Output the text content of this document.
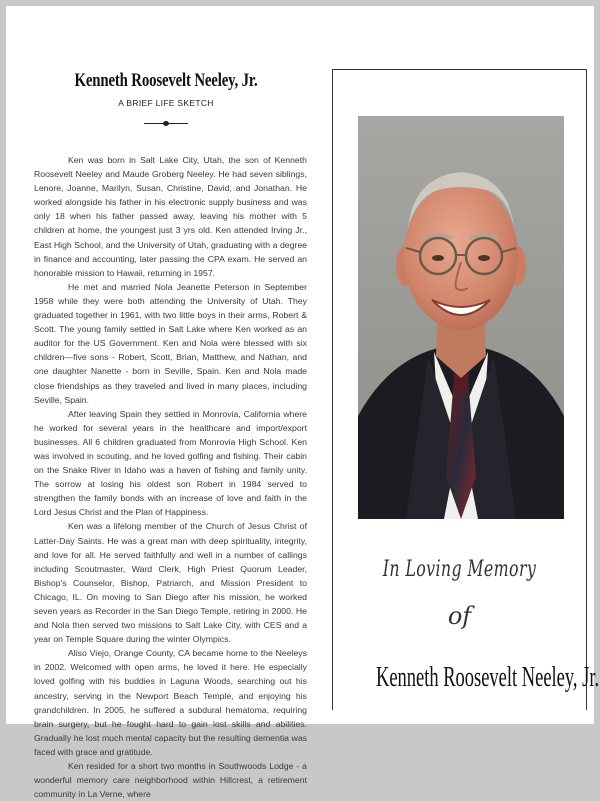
Kenneth Roosevelt Neeley, Jr.
A BRIEF LIFE SKETCH

Ken was born in Salt Lake City, Utah, the son of Kenneth Roosevelt Neeley and Maude Groberg Neeley. He had seven siblings, Lenore, Joanne, Marilyn, Susan, Christine, David, and Jonathan. He worked alongside his father in his electronic supply business and was only 18 when his father passed away, leaving his mother with 5 children at home, the youngest just 3 yrs old. Ken attended Irving Jr., East High School, and the University of Utah, graduating with a degree in finance and accounting, later passing the CPA exam. He served an honorable mission to Hawaii, returning in 1957.

He met and married Nola Jeanette Peterson in September 1958 while they were both attending the University of Utah. They graduated together in 1961, with two little boys in their arms, Robert & Scott. The young family settled in Salt Lake where Ken worked as an auditor for the US Government. Ken and Nola were blessed with six children—five sons - Robert, Scott, Brian, Matthew, and Nathan, and one daughter Nanette - born in Seville, Spain. Ken and Nola made close friendships as they traveled and lived in many places, including Seville, Spain.

After leaving Spain they settled in Monrovia, California where he worked for several years in the healthcare and import/export businesses. All 6 children graduated from Monrovia High School. Ken was involved in scouting, and he loved golfing and fishing. Their cabin on the Snake River in Idaho was a haven of fishing and family unity. The sorrow at losing his oldest son Robert in 1984 served to strengthen the family bonds with an increase of love and faith in the Lord Jesus Christ and the Plan of Happiness.

Ken was a lifelong member of the Church of Jesus Christ of Latter-Day Saints. He was a great man with deep spirituality, integrity, and love for all. He served faithfully and well in a number of callings including Scoutmaster, Ward Clerk, High Priest Quorum Leader, Bishop's Counselor, Bishop, Patriarch, and Mission President to Chicago, IL. On moving to San Diego after his mission, he worked seven years as Recorder in the San Diego Temple, retiring in 2000. He and Nola then served two missions to Salt Lake City, with CES and a year on Temple Square during the winter Olympics.

Aliso Viejo, Orange County, CA became home to the Neeleys in 2002. Welcomed with open arms, he loved it here. He especially loved golfing with his buddies in Laguna Woods, searching out his ancestry, serving in the Newport Beach Temple, and enjoying his grandchildren. In 2005, he suffered a subdural hematoma, requiring brain surgery, but he fought hard to gain lost skills and abilities. Gradually he lost much mental capacity but the resulting dementia was faced with grace and gratitude.

Ken resided for a short two months in Southwoods Lodge - a wonderful memory care neighborhood within Hillcrest, a retirement community in La Verne, where

In Loving Memory
of
Kenneth Roosevelt Neeley, Jr.
